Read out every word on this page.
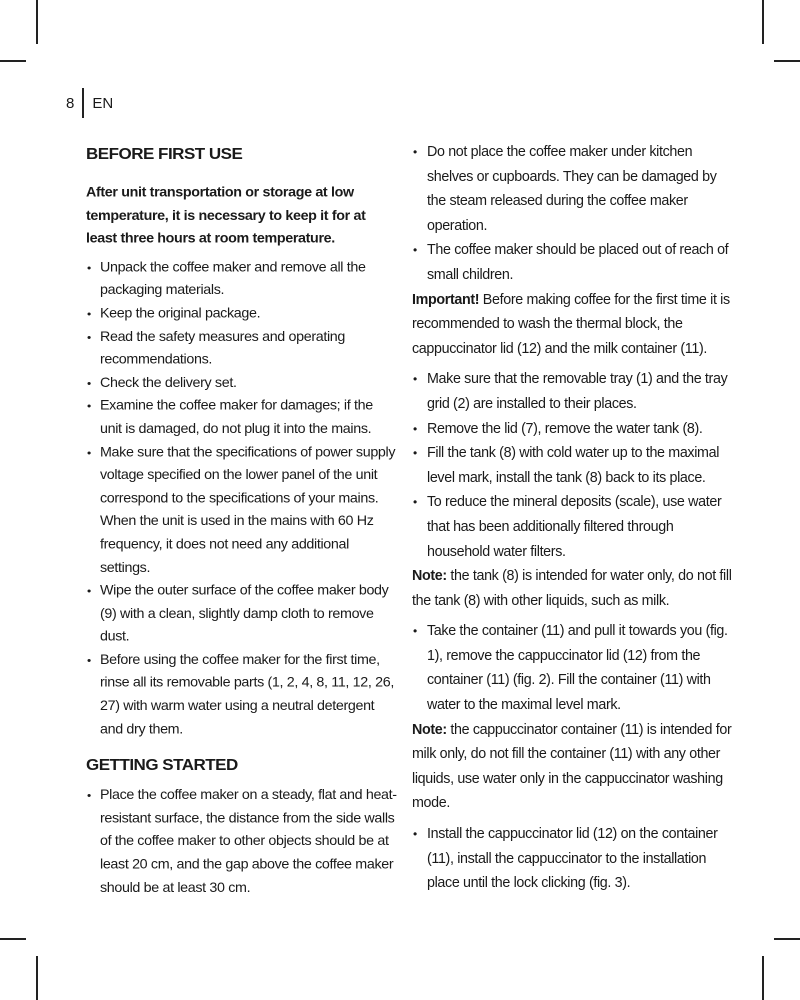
8	EN
BEFORE FIRST USE

After unit transportation or storage at low temperature, it is necessary to keep it for at least three hours at room temperature.

• Unpack the coffee maker and remove all the packaging materials.
• Keep the original package.
• Read the safety measures and operating recommendations.
• Check the delivery set.
• Examine the coffee maker for damages; if the unit is damaged, do not plug it into the mains.
• Make sure that the specifications of power supply voltage specified on the lower panel of the unit correspond to the specifications of your mains. When the unit is used in the mains with 60 Hz frequency, it does not need any additional settings.
• Wipe the outer surface of the coffee maker body (9) with a clean, slightly damp cloth to remove dust.
• Before using the coffee maker for the first time, rinse all its removable parts (1, 2, 4, 8, 11, 12, 26, 27) with warm water using a neutral detergent and dry them.
GETTING STARTED
• Place the coffee maker on a steady, flat and heat-resistant surface, the distance from the side walls of the coffee maker to other objects should be at least 20 cm, and the gap above the coffee maker should be at least 30 cm.
• Do not place the coffee maker under kitchen shelves or cupboards. They can be damaged by the steam released during the coffee maker operation.
• The coffee maker should be placed out of reach of small children.

Important! Before making coffee for the first time it is recommended to wash the thermal block, the cappuccinator lid (12) and the milk container (11).

• Make sure that the removable tray (1) and the tray grid (2) are installed to their places.
• Remove the lid (7), remove the water tank (8).
• Fill the tank (8) with cold water up to the maximal level mark, install the tank (8) back to its place.
• To reduce the mineral deposits (scale), use water that has been additionally filtered through household water filters.

Note: the tank (8) is intended for water only, do not fill the tank (8) with other liquids, such as milk.

• Take the container (11) and pull it towards you (fig. 1), remove the cappuccinator lid (12) from the container (11) (fig. 2). Fill the container (11) with water to the maximal level mark.

Note: the cappuccinator container (11) is intended for milk only, do not fill the container (11) with any other liquids, use water only in the cappuccinator washing mode.

• Install the cappuccinator lid (12) on the container (11), install the cappuccinator to the installation place until the lock clicking (fig. 3).
